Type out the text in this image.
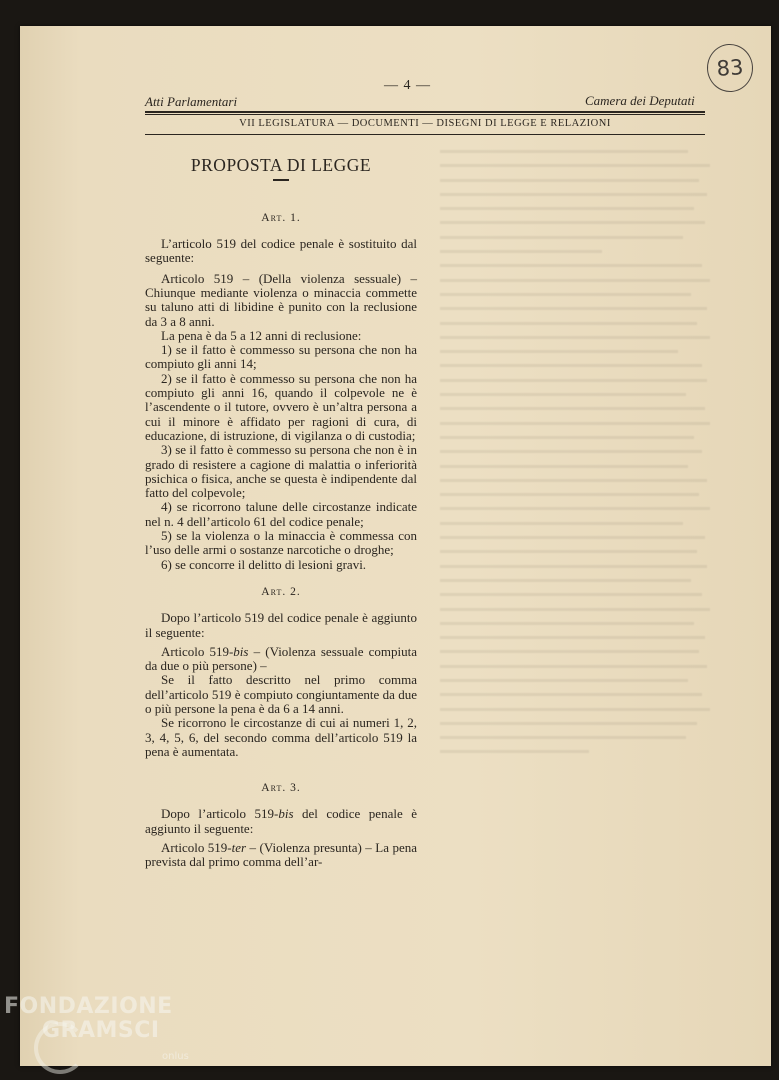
— 4 —
83
Atti Parlamentari	Camera dei Deputati
VII LEGISLATURA — DOCUMENTI — DISEGNI DI LEGGE E RELAZIONI
PROPOSTA DI LEGGE
Art. 1.

L’articolo 519 del codice penale è sostituito dal seguente:

Articolo 519 – (Della violenza sessuale) – Chiunque mediante violenza o minaccia commette su taluno atti di libidine è punito con la reclusione da 3 a 8 anni.

La pena è da 5 a 12 anni di reclusione:

1) se il fatto è commesso su persona che non ha compiuto gli anni 14;

2) se il fatto è commesso su persona che non ha compiuto gli anni 16, quando il colpevole ne è l’ascendente o il tutore, ovvero è un’altra persona a cui il minore è affidato per ragioni di cura, di educazione, di istruzione, di vigilanza o di custodia;

3) se il fatto è commesso su persona che non è in grado di resistere a cagione di malattia o inferiorità psichica o fisica, anche se questa è indipendente dal fatto del colpevole;

4) se ricorrono talune delle circostanze indicate nel n. 4 dell’articolo 61 del codice penale;

5) se la violenza o la minaccia è commessa con l’uso delle armi o sostanze narcotiche o droghe;

6) se concorre il delitto di lesioni gravi.

Art. 2.

Dopo l’articolo 519 del codice penale è aggiunto il seguente:

Articolo 519-bis – (Violenza sessuale compiuta da due o più persone) –

Se il fatto descritto nel primo comma dell’articolo 519 è compiuto congiuntamente da due o più persone la pena è da 6 a 14 anni.

Se ricorrono le circostanze di cui ai numeri 1, 2, 3, 4, 5, 6, del secondo comma dell’articolo 519 la pena è aumentata.

Art. 3.

Dopo l’articolo 519-bis del codice penale è aggiunto il seguente:

Articolo 519-ter – (Violenza presunta) – La pena prevista dal primo comma dell’ar-

FONDAZIONE
GRAMSCI
onlus
